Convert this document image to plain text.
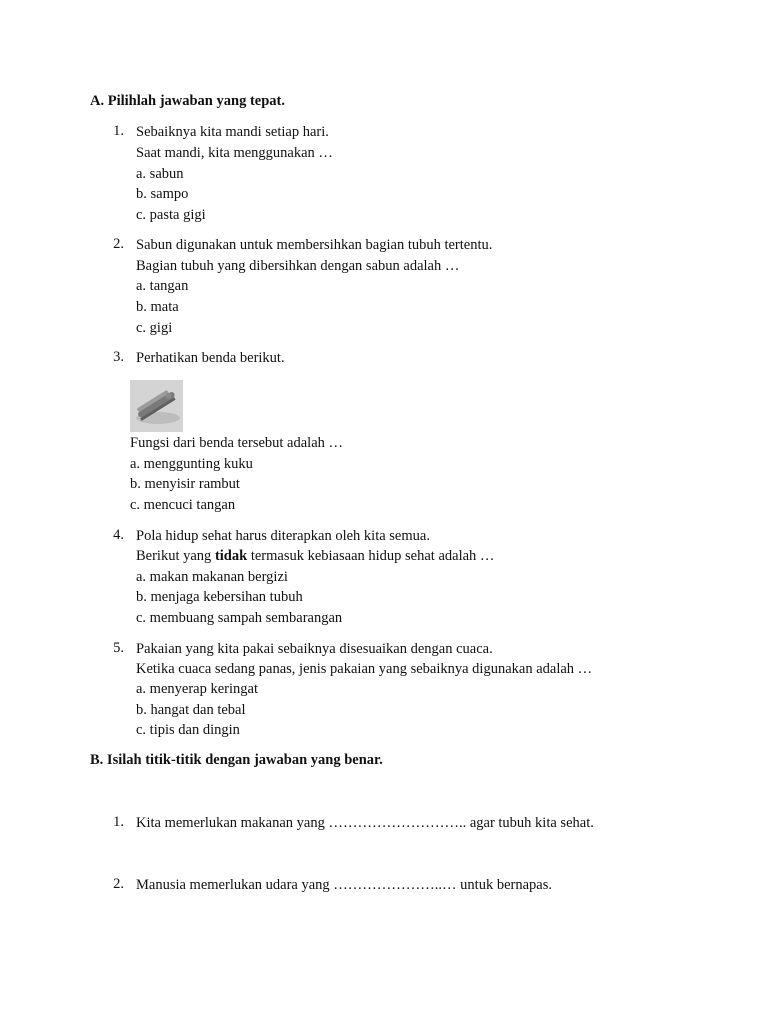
A. Pilihlah jawaban yang tepat.
1. Sebaiknya kita mandi setiap hari.
Saat mandi, kita menggunakan …
a. sabun
b. sampo
c. pasta gigi
2. Sabun digunakan untuk membersihkan bagian tubuh tertentu.
Bagian tubuh yang dibersihkan dengan sabun adalah …
a. tangan
b. mata
c. gigi
3. Perhatikan benda berikut.
Fungsi dari benda tersebut adalah …
a. menggunting kuku
b. menyisir rambut
c. mencuci tangan
4. Pola hidup sehat harus diterapkan oleh kita semua.
Berikut yang tidak termasuk kebiasaan hidup sehat adalah …
a. makan makanan bergizi
b. menjaga kebersihan tubuh
c. membuang sampah sembarangan
5. Pakaian yang kita pakai sebaiknya disesuaikan dengan cuaca.
Ketika cuaca sedang panas, jenis pakaian yang sebaiknya digunakan adalah …
a. menyerap keringat
b. hangat dan tebal
c. tipis dan dingin
B. Isilah titik-titik dengan jawaban yang benar.
1. Kita memerlukan makanan yang ……………………….. agar tubuh kita sehat.
2. Manusia memerlukan udara yang …………………..… untuk bernapas.
